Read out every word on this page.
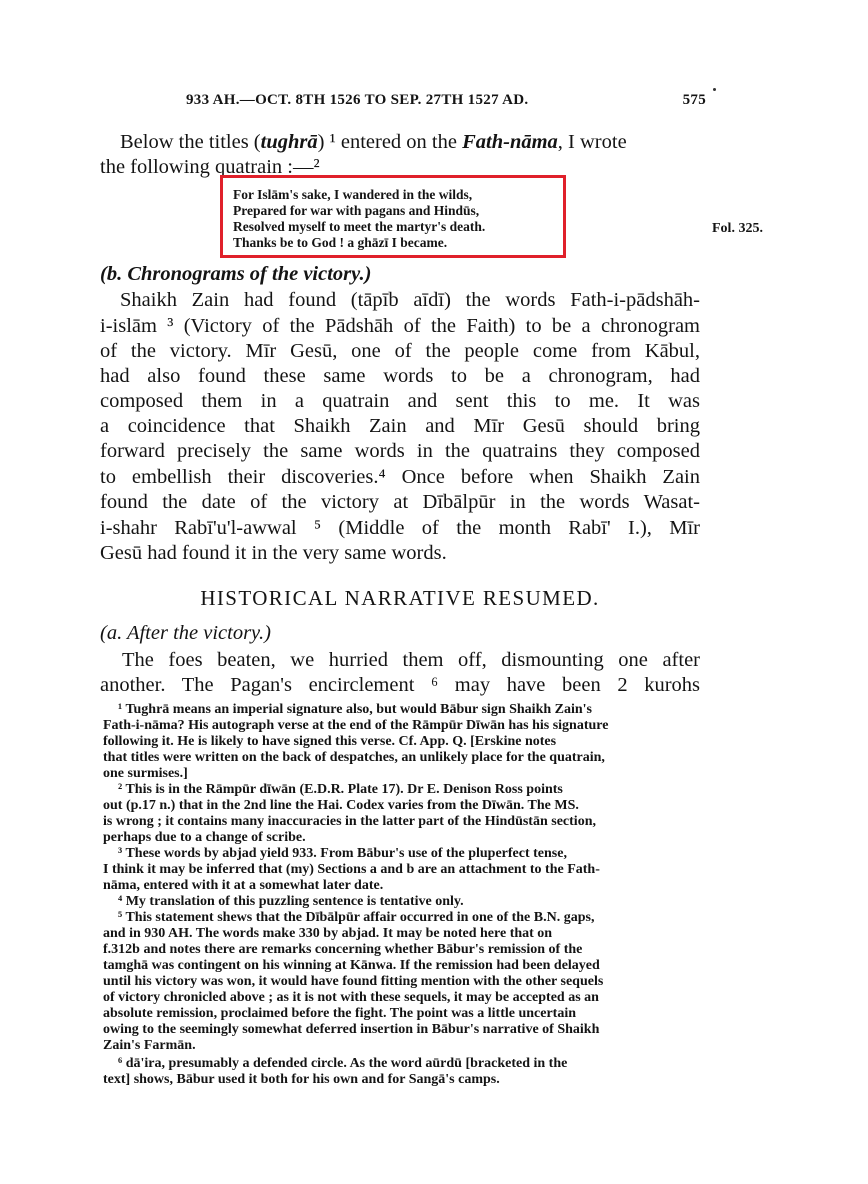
933 AH.—OCT. 8TH 1526 TO SEP. 27TH 1527 AD.	575
Below the titles (tughrā) ¹ entered on the Fath-nāma, I wrote
the following quatrain :—²
For Islām's sake, I wandered in the wilds,
Prepared for war with pagans and Hindūs,
Resolved myself to meet the martyr's death.
Thanks be to God ! a ghāzī I became.
Fol. 325.
(b. Chronograms of the victory.)
Shaikh Zain had found (tāpīb aīdī) the words Fath-i-pādshāh-
i-islām ³ (Victory of the Pādshāh of the Faith) to be a chronogram
of the victory. Mīr Gesū, one of the people come from Kābul,
had also found these same words to be a chronogram, had
composed them in a quatrain and sent this to me. It was
a coincidence that Shaikh Zain and Mīr Gesū should bring
forward precisely the same words in the quatrains they composed
to embellish their discoveries.⁴ Once before when Shaikh Zain
found the date of the victory at Dībālpūr in the words Wasat-
i-shahr Rabī'u'l-awwal ⁵ (Middle of the month Rabī' I.), Mīr
Gesū had found it in the very same words.
HISTORICAL NARRATIVE RESUMED.
(a. After the victory.)
The foes beaten, we hurried them off, dismounting one after
another. The Pagan's encirclement ⁶ may have been 2 kurohs
¹ Tughrā means an imperial signature also, but would Bābur sign Shaikh Zain's
Fath-i-nāma? His autograph verse at the end of the Rāmpūr Dīwān has his signature
following it. He is likely to have signed this verse. Cf. App. Q. [Erskine notes
that titles were written on the back of despatches, an unlikely place for the quatrain,
one surmises.]
² This is in the Rāmpūr dīwān (E.D.R. Plate 17). Dr E. Denison Ross points
out (p.17 n.) that in the 2nd line the Hai. Codex varies from the Dīwān. The MS.
is wrong ; it contains many inaccuracies in the latter part of the Hindūstān section,
perhaps due to a change of scribe.
³ These words by abjad yield 933. From Bābur's use of the pluperfect tense,
I think it may be inferred that (my) Sections a and b are an attachment to the Fath-
nāma, entered with it at a somewhat later date.
⁴ My translation of this puzzling sentence is tentative only.
⁵ This statement shews that the Dībālpūr affair occurred in one of the B.N. gaps,
and in 930 AH. The words make 330 by abjad. It may be noted here that on
f.312b and notes there are remarks concerning whether Bābur's remission of the
tamghā was contingent on his winning at Kānwa. If the remission had been delayed
until his victory was won, it would have found fitting mention with the other sequels
of victory chronicled above ; as it is not with these sequels, it may be accepted as an
absolute remission, proclaimed before the fight. The point was a little uncertain
owing to the seemingly somewhat deferred insertion in Bābur's narrative of Shaikh
Zain's Farmān.
⁶ dā'ira, presumably a defended circle. As the word aūrdū [bracketed in the
text] shows, Bābur used it both for his own and for Sangā's camps.
